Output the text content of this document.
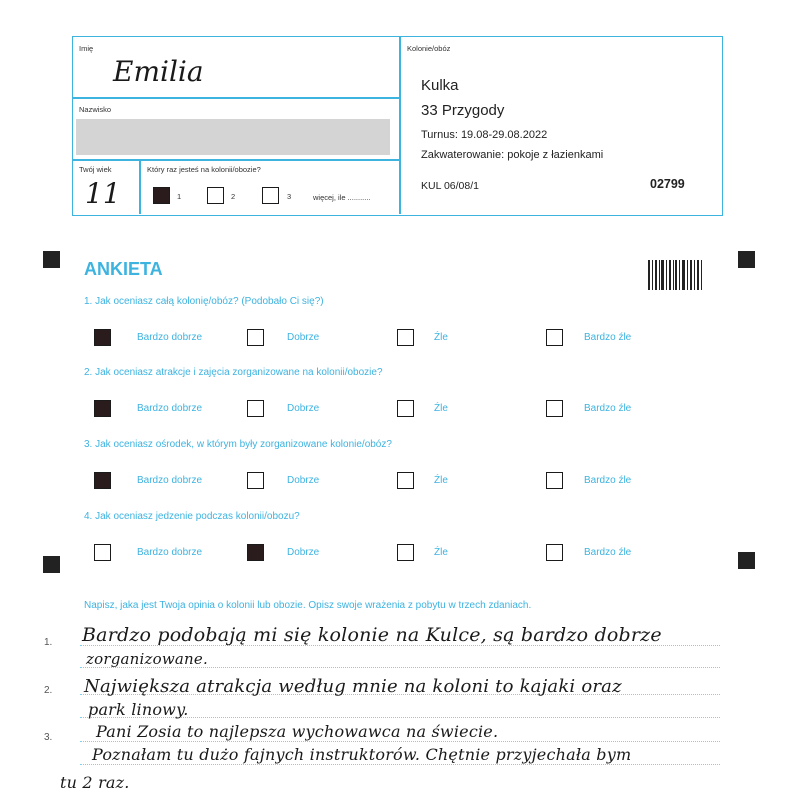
Imię
Emilia
Nazwisko
Twój wiek
11
Który raz jesteś na kolonii/obozie?
1	2	3	więcej, ile ...........
Kolonie/obóz
Kulka
33 Przygody
Turnus: 19.08-29.08.2022
Zakwaterowanie: pokoje z łazienkami
KUL 06/08/1	02799
ANKIETA
1. Jak oceniasz całą kolonię/obóz? (Podobało Ci się?)
Bardzo dobrze	Dobrze	Źle	Bardzo źle
2. Jak oceniasz atrakcje i zajęcia zorganizowane na kolonii/obozie?
Bardzo dobrze	Dobrze	Źle	Bardzo źle
3. Jak oceniasz ośrodek, w którym były zorganizowane kolonie/obóz?
Bardzo dobrze	Dobrze	Źle	Bardzo źle
4. Jak oceniasz jedzenie podczas kolonii/obozu?
Bardzo dobrze	Dobrze	Źle	Bardzo źle
Napisz, jaka jest Twoja opinia o kolonii lub obozie. Opisz swoje wrażenia z pobytu w trzech zdaniach.
1.
2.
3.
Bardzo podobają mi się kolonie na Kulce, są bardzo dobrze
zorganizowane.
Największa atrakcja według mnie na koloni to kajaki oraz
park linowy.
Pani Zosia to najlepsza wychowawca na świecie.
Poznałam tu dużo fajnych instruktorów. Chętnie przyjechała bym
tu 2 raz.
